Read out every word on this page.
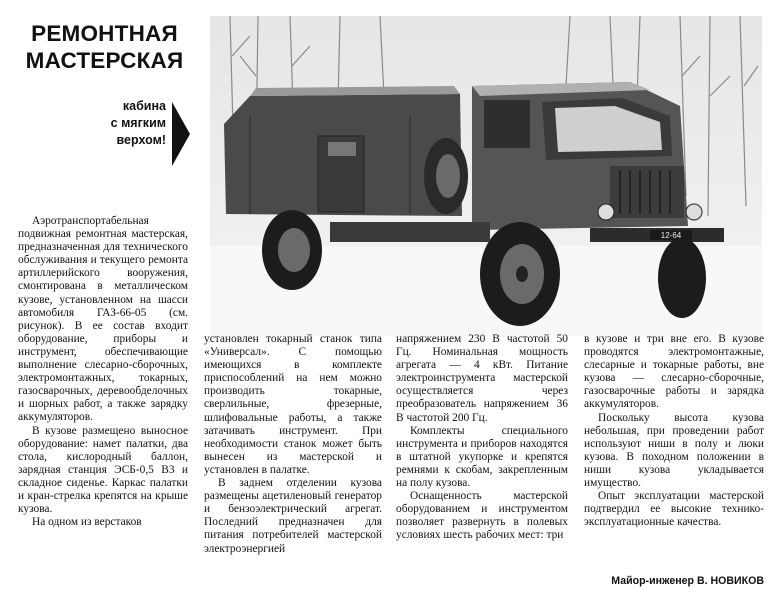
РЕМОНТНАЯ
МАСТЕРСКАЯ
кабина
с мягким
верхом!
12-64

Аэротранспортабельная подвижная ремонтная мастерская, предназначенная для технического обслуживания и текущего ремонта артиллерийского вооружения, смонтирована в металлическом кузове, установленном на шасси автомобиля ГАЗ-66-05 (см. рисунок). В ее состав входит оборудование, приборы и инструмент, обеспечивающие выполнение слесарно-сборочных, электромонтажных, токарных, газосварочных, деревообделочных и шорных работ, а также зарядку аккумуляторов.

В кузове размещено выносное оборудование: намет палатки, два стола, кислородный баллон, зарядная станция ЭСБ-0,5 В3 и складное сиденье. Каркас палатки и кран-стрелка крепятся на крыше кузова.

На одном из верстаков

установлен токарный станок типа «Универсал». С помощью имеющихся в комплекте приспособлений на нем можно производить токарные, сверлильные, фрезерные, шлифовальные работы, а также затачивать инструмент. При необходимости станок может быть вынесен из мастерской и установлен в палатке.

В заднем отделении кузова размещены ацетиленовый генератор и бензоэлектрический агрегат. Последний предназначен для питания потребителей мастерской электроэнергией

напряжением 230 В частотой 50 Гц. Номинальная мощность агрегата — 4 кВт. Питание электроинструмента мастерской осуществляется через преобразователь напряжением 36 В частотой 200 Гц.

Комплекты специального инструмента и приборов находятся в штатной укупорке и крепятся ремнями к скобам, закрепленным на полу кузова.

Оснащенность мастерской оборудованием и инструментом позволяет развернуть в полевых условиях шесть рабочих мест: три

в кузове и три вне его. В кузове проводятся электромонтажные, слесарные и токарные работы, вне кузова — слесарно-сборочные, газосварочные работы и зарядка аккумуляторов.

Поскольку высота кузова небольшая, при проведении работ используют ниши в полу и люки кузова. В походном положении в ниши кузова укладывается имущество.

Опыт эксплуатации мастерской подтвердил ее высокие технико-эксплуатационные качества.

Майор-инженер В. НОВИКОВ
